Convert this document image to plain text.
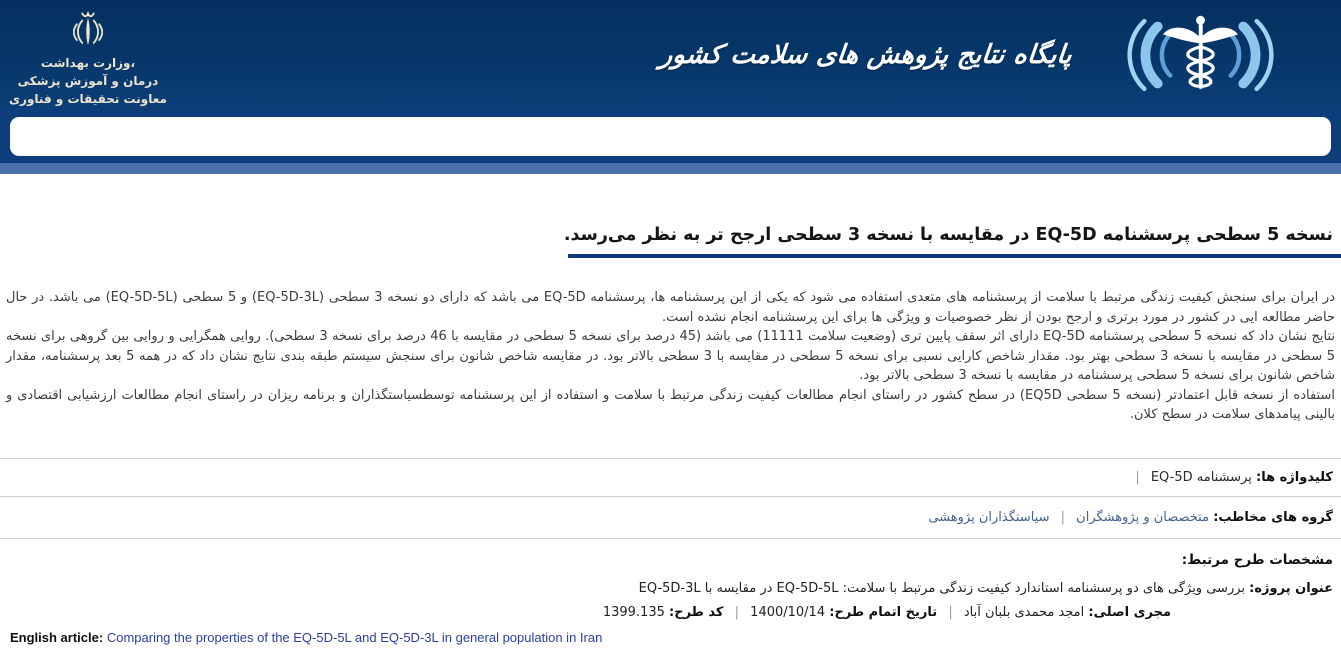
وزارت بهداشت،
درمان و آموزش پزشکی
معاونت تحقیقات و فناوری
پایگاه نتایج پژوهش های سلامت کشور
نسخه 5 سطحی پرسشنامه EQ-5D در مقایسه با نسخه 3 سطحی ارجح تر به نظر می‌رسد.

در ایران برای سنجش کیفیت زندگی مرتبط با سلامت از پرسشنامه های متعدی استفاده می شود که یکی از این پرسشنامه ها، پرسشنامه EQ-5D می باشد که دارای دو نسخه 3 سطحی (EQ-5D-3L) و 5 سطحی (EQ-5D-5L) می باشد. در حال حاضر مطالعه ایی در کشور در مورد برتری و ارجح بودن از نظر خصوصیات و ویژگی ها برای این پرسشنامه انجام نشده است.

نتایج نشان داد که نسخه 5 سطحی پرسشنامه EQ-5D دارای اثر سقف پایین تری (وضعیت سلامت 11111) می باشد (45 درصد برای نسخه 5 سطحی در مقایسه با 46 درصد برای نسخه 3 سطحی). روایی همگرایی و روایی بین گروهی برای نسخه 5 سطحی در مقایسه با نسخه 3 سطحی بهتر بود. مقدار شاخص کارایی نسبی برای نسخه 5 سطحی در مقایسه با 3 سطحی بالاتر بود. در مقایسه شاخص شانون برای سنجش سیستم طبقه بندی نتایج نشان داد که در همه 5 بعد پرسشنامه، مقدار شاخص شانون برای نسخه 5 سطحی پرسشنامه در مقایسه با نسخه 3 سطحی بالاتر بود.

استفاده از نسخه قابل اعتمادتر (نسخه 5 سطحی EQ5D) در سطح کشور در راستای انجام مطالعات کیفیت زندگی مرتبط با سلامت و استفاده از این پرسشنامه توسطسیاستگذاران و برنامه ریزان در راستای انجام مطالعات ارزشیابی اقتصادی و بالینی پیامدهای سلامت در سطح کلان.

کلیدواژه ها: پرسشنامه EQ-5D |
گروه های مخاطب: متخصصان و پژوهشگران | سیاستگذاران پژوهشی
مشخصات طرح مرتبط:
عنوان پروژه: بررسی ویژگی های دو پرسشنامه استاندارد کیفیت زندگی مرتبط با سلامت: EQ-5D-5L در مقایسه با EQ-5D-3L
مجری اصلی: امجد محمدی بلبان آباد | تاریخ اتمام طرح: 1400/10/14 | کد طرح: 1399.135
English article: Comparing the properties of the EQ-5D-5L and EQ-5D-3L in general population in Iran
